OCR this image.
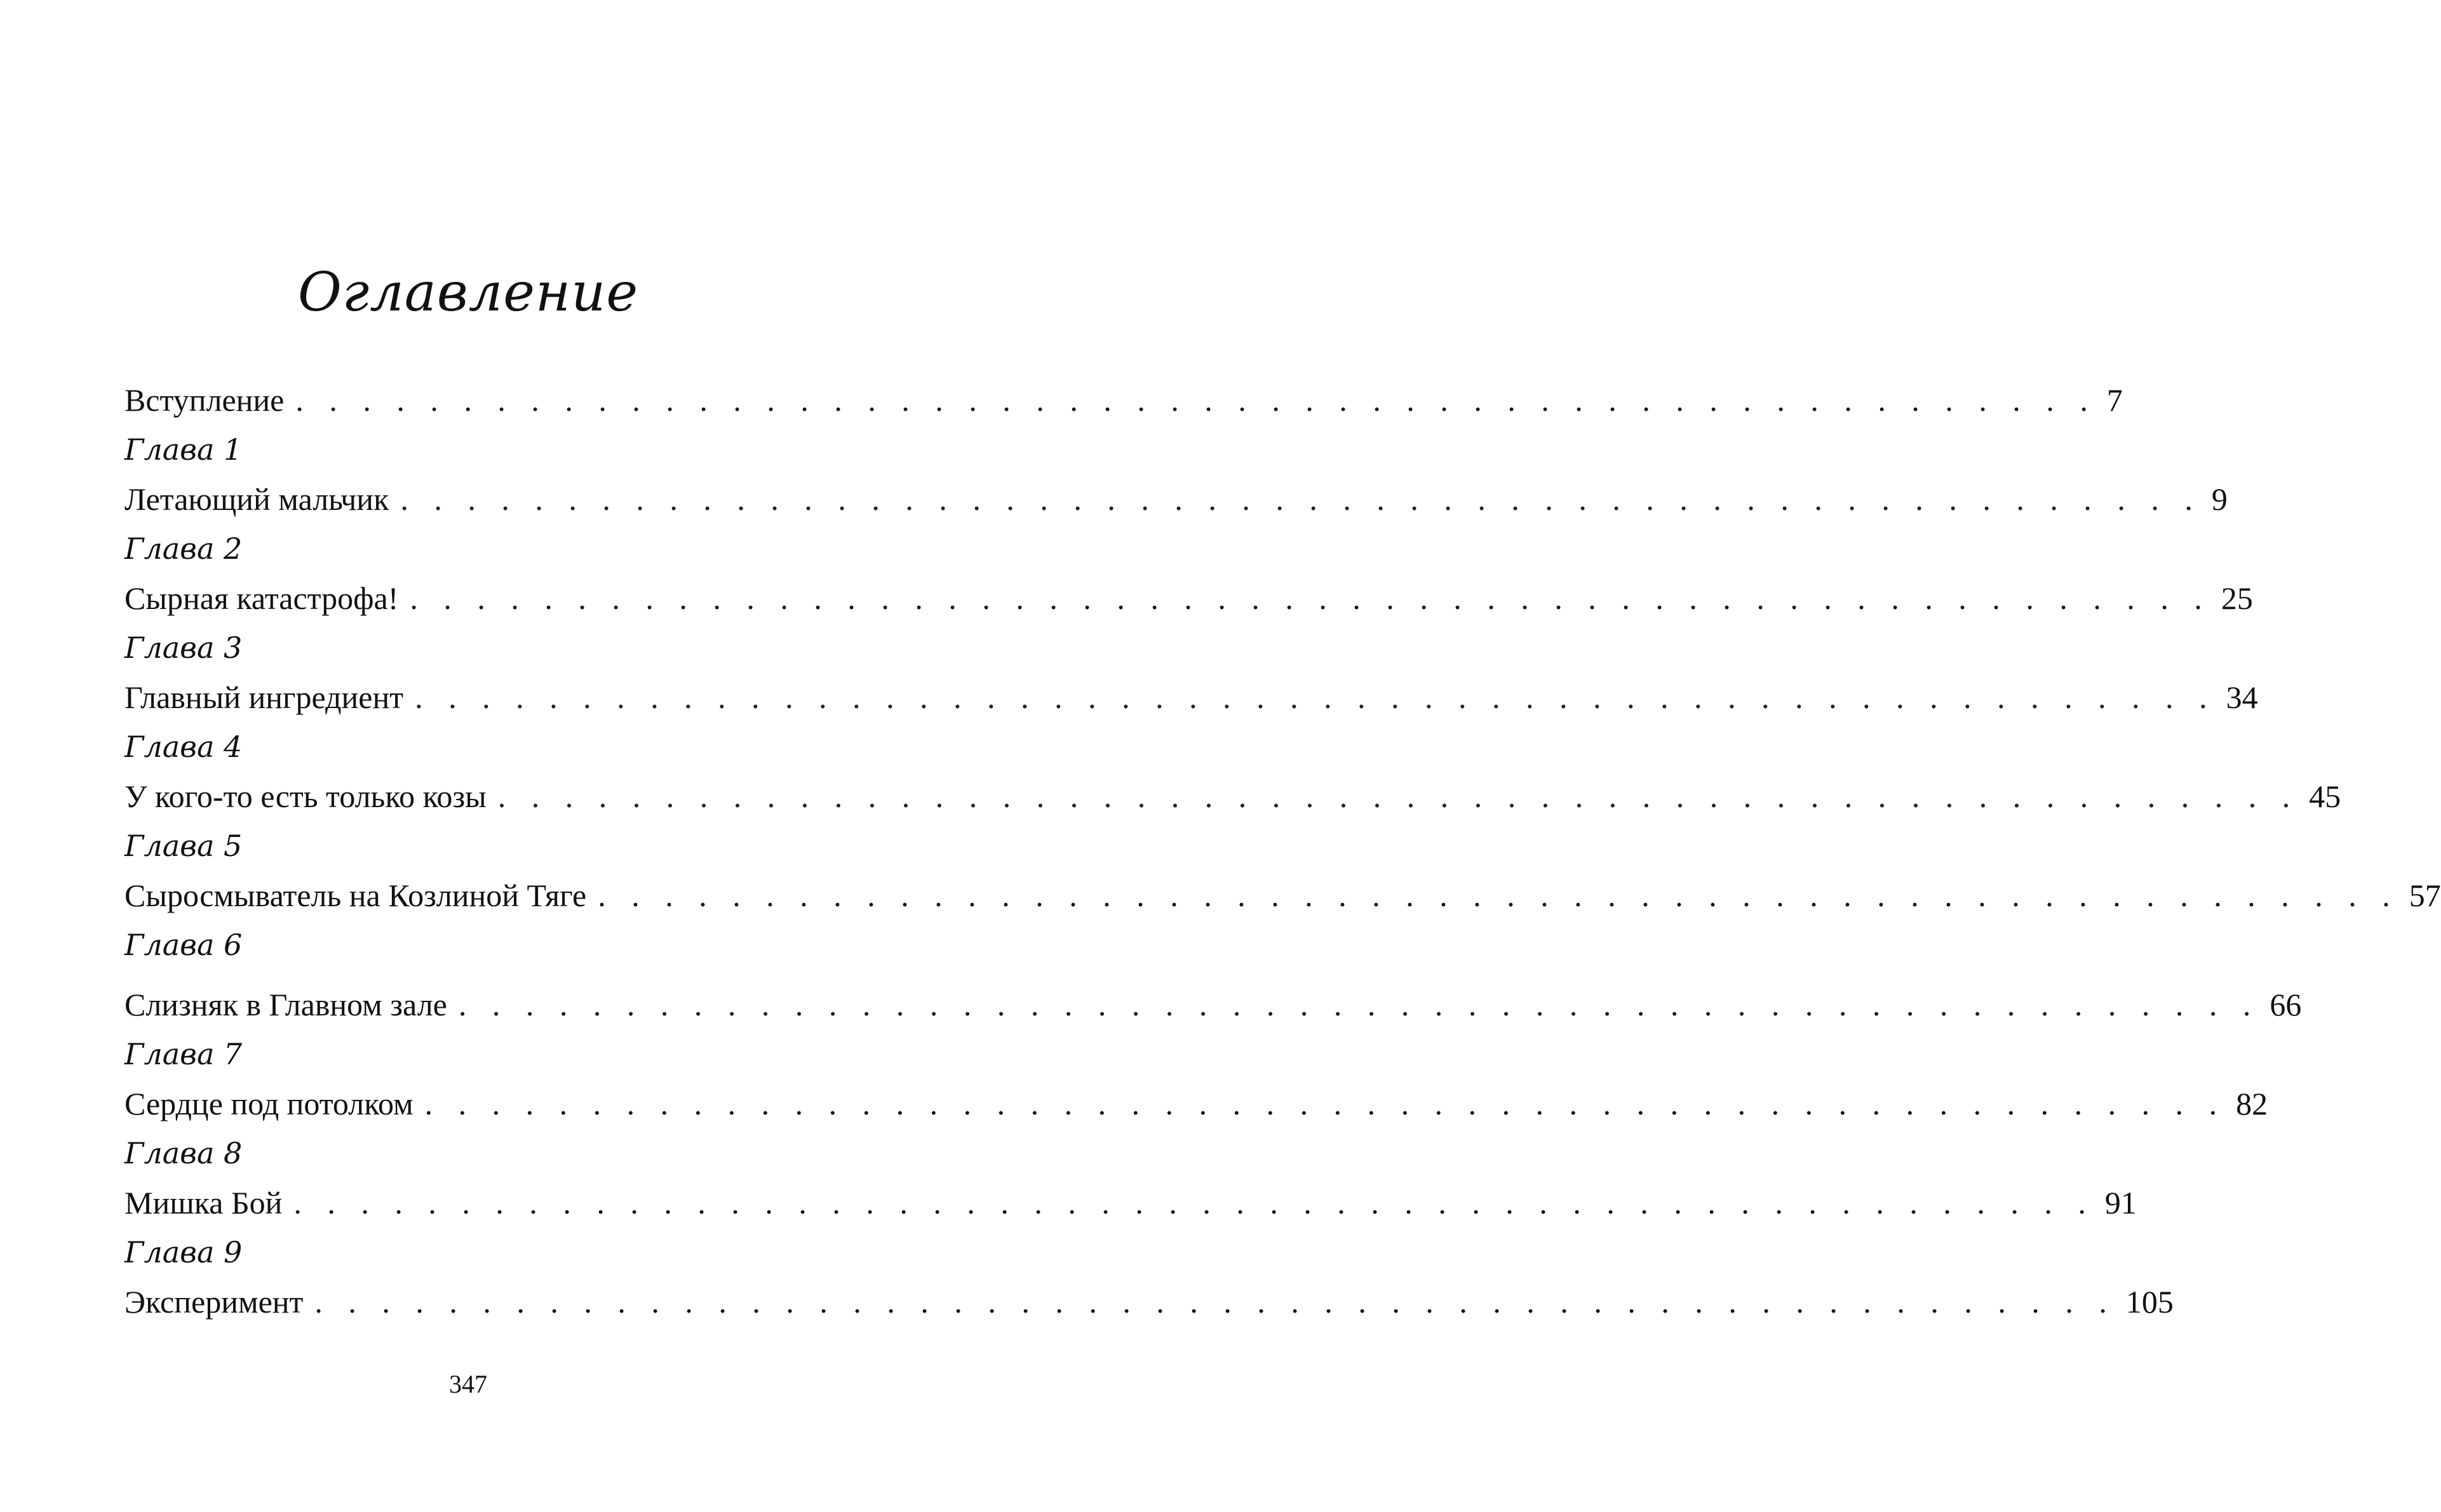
Оглавление
Вступление . . . . . . . . . . . . . . . . . . . . . . . . . . . . . . . . . . . . . . . . . . . . . . . . . . . . . . 7
Глава 1
Летающий мальчик . . . . . . . . . . . . . . . . . . . . . . . . . . . . . . . . . . . . . . . . . . . . . . . . . . . . . . 9
Глава 2
Сырная катастрофа! . . . . . . . . . . . . . . . . . . . . . . . . . . . . . . . . . . . . . . . . . . . . . . . . . . . . . . 25
Глава 3
Главный ингредиент . . . . . . . . . . . . . . . . . . . . . . . . . . . . . . . . . . . . . . . . . . . . . . . . . . . . . . 34
Глава 4
У кого-то есть только козы . . . . . . . . . . . . . . . . . . . . . . . . . . . . . . . . . . . . . . . . . . . . . . . . . . . . . . 45
Глава 5
Сыросмыватель на Козлиной Тяге . . . . . . . . . . . . . . . . . . . . . . . . . . . . . . . . . . . . . . . . . . . . . . . . . . . . . . 57
Глава 6
Слизняк в Главном зале . . . . . . . . . . . . . . . . . . . . . . . . . . . . . . . . . . . . . . . . . . . . . . . . . . . . . . 66
Глава 7
Сердце под потолком . . . . . . . . . . . . . . . . . . . . . . . . . . . . . . . . . . . . . . . . . . . . . . . . . . . . . . 82
Глава 8
Мишка Бой . . . . . . . . . . . . . . . . . . . . . . . . . . . . . . . . . . . . . . . . . . . . . . . . . . . . . . 91
Глава 9
Эксперимент . . . . . . . . . . . . . . . . . . . . . . . . . . . . . . . . . . . . . . . . . . . . . . . . . . . . . . 105
347
